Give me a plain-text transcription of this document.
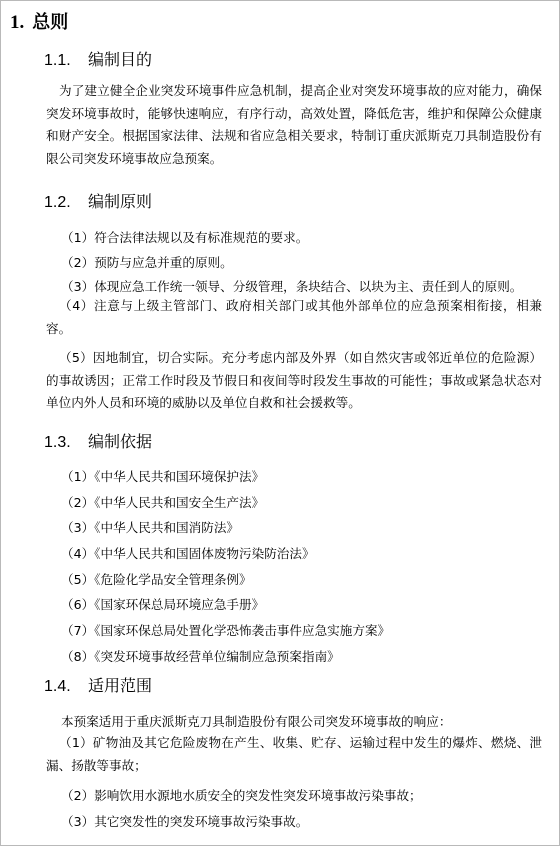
1. 总则
1.1. 编制目的
为了建立健全企业突发环境事件应急机制，提高企业对突发环境事故的应对能力，确保突发环境事故时，能够快速响应，有序行动，高效处置，降低危害，维护和保障公众健康和财产安全。根据国家法律、法规和省应急相关要求，特制订重庆派斯克刀具制造股份有限公司突发环境事故应急预案。
1.2. 编制原则
（1）符合法律法规以及有标准规范的要求。
（2）预防与应急并重的原则。
（3）体现应急工作统一领导、分级管理，条块结合、以块为主、责任到人的原则。
（4）注意与上级主管部门、政府相关部门或其他外部单位的应急预案相衔接，相兼容。
（5）因地制宜，切合实际。充分考虑内部及外界（如自然灾害或邻近单位的危险源）的事故诱因；正常工作时段及节假日和夜间等时段发生事故的可能性；事故或紧急状态对单位内外人员和环境的威胁以及单位自救和社会援救等。
1.3. 编制依据
（1）《中华人民共和国环境保护法》
（2）《中华人民共和国安全生产法》
（3）《中华人民共和国消防法》
（4）《中华人民共和国固体废物污染防治法》
（5）《危险化学品安全管理条例》
（6）《国家环保总局环境应急手册》
（7）《国家环保总局处置化学恐怖袭击事件应急实施方案》
（8）《突发环境事故经营单位编制应急预案指南》
1.4. 适用范围
本预案适用于重庆派斯克刀具制造股份有限公司突发环境事故的响应：
（1）矿物油及其它危险废物在产生、收集、贮存、运输过程中发生的爆炸、燃烧、泄漏、扬散等事故；
（2）影响饮用水源地水质安全的突发性突发环境事故污染事故；
（3）其它突发性的突发环境事故污染事故。
